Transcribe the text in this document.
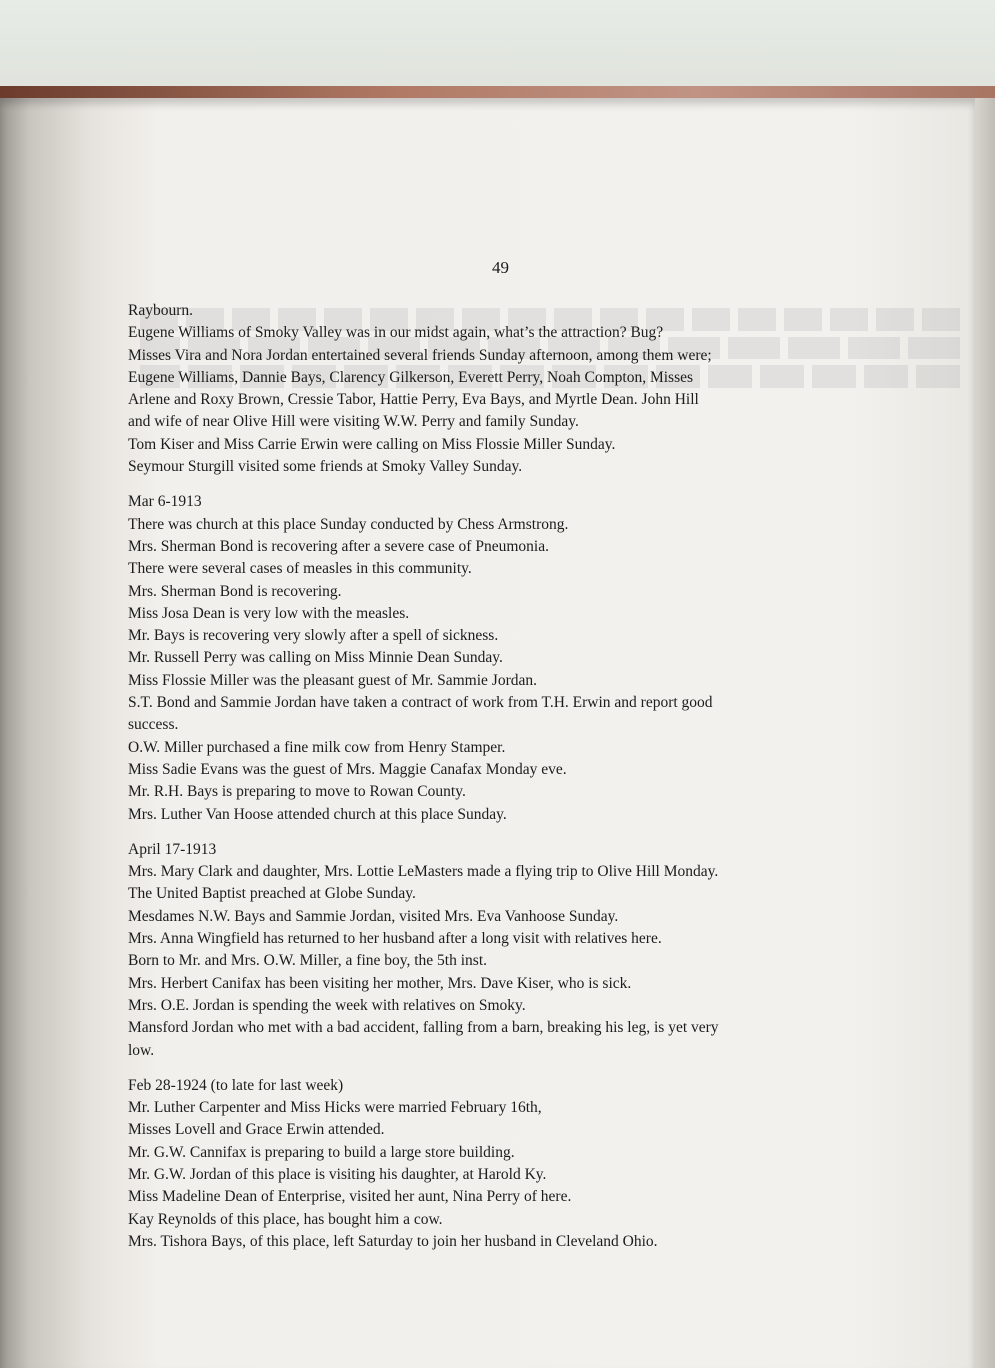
49
Raybourn.
Eugene Williams of Smoky Valley was in our midst again, what’s the attraction? Bug?
Misses Vira and Nora Jordan entertained several friends Sunday afternoon, among them were;
Eugene Williams, Dannie Bays, Clarency Gilkerson, Everett Perry, Noah Compton, Misses
Arlene and Roxy Brown, Cressie Tabor, Hattie Perry, Eva Bays, and Myrtle Dean. John Hill
and wife of near Olive Hill were visiting W.W. Perry and family Sunday.
Tom Kiser and Miss Carrie Erwin were calling on Miss Flossie Miller Sunday.
Seymour Sturgill visited some friends at Smoky Valley Sunday.
Mar 6-1913
There was church at this place Sunday conducted by Chess Armstrong.
Mrs. Sherman Bond is recovering after a severe case of Pneumonia.
There were several cases of measles in this community.
Mrs. Sherman Bond is recovering.
Miss Josa Dean is very low with the measles.
Mr. Bays is recovering very slowly after a spell of sickness.
Mr. Russell Perry was calling on Miss Minnie Dean Sunday.
Miss Flossie Miller was the pleasant guest of Mr. Sammie Jordan.
S.T. Bond and Sammie Jordan have taken a contract of work from T.H. Erwin and report good
success.
O.W. Miller purchased a fine milk cow from Henry Stamper.
Miss Sadie Evans was the guest of Mrs. Maggie Canafax Monday eve.
Mr. R.H. Bays is preparing to move to Rowan County.
Mrs. Luther Van Hoose attended church at this place Sunday.
April 17-1913
Mrs. Mary Clark and daughter, Mrs. Lottie LeMasters made a flying trip to Olive Hill Monday.
The United Baptist preached at Globe Sunday.
Mesdames N.W. Bays and Sammie Jordan, visited Mrs. Eva Vanhoose Sunday.
Mrs. Anna Wingfield has returned to her husband after a long visit with relatives here.
Born to Mr. and Mrs. O.W. Miller, a fine boy, the 5th inst.
Mrs. Herbert Canifax has been visiting her mother, Mrs. Dave Kiser, who is sick.
Mrs. O.E. Jordan is spending the week with relatives on Smoky.
Mansford Jordan who met with a bad accident, falling from a barn, breaking his leg, is yet very
low.
Feb 28-1924 (to late for last week)
Mr. Luther Carpenter and Miss Hicks were married February 16th,
Misses Lovell and Grace Erwin attended.
Mr. G.W. Cannifax is preparing to build a large store building.
Mr. G.W. Jordan of this place is visiting his daughter, at Harold Ky.
Miss Madeline Dean of Enterprise, visited her aunt, Nina Perry of here.
Kay Reynolds of this place, has bought him a cow.
Mrs. Tishora Bays, of this place, left Saturday to join her husband in Cleveland Ohio.
